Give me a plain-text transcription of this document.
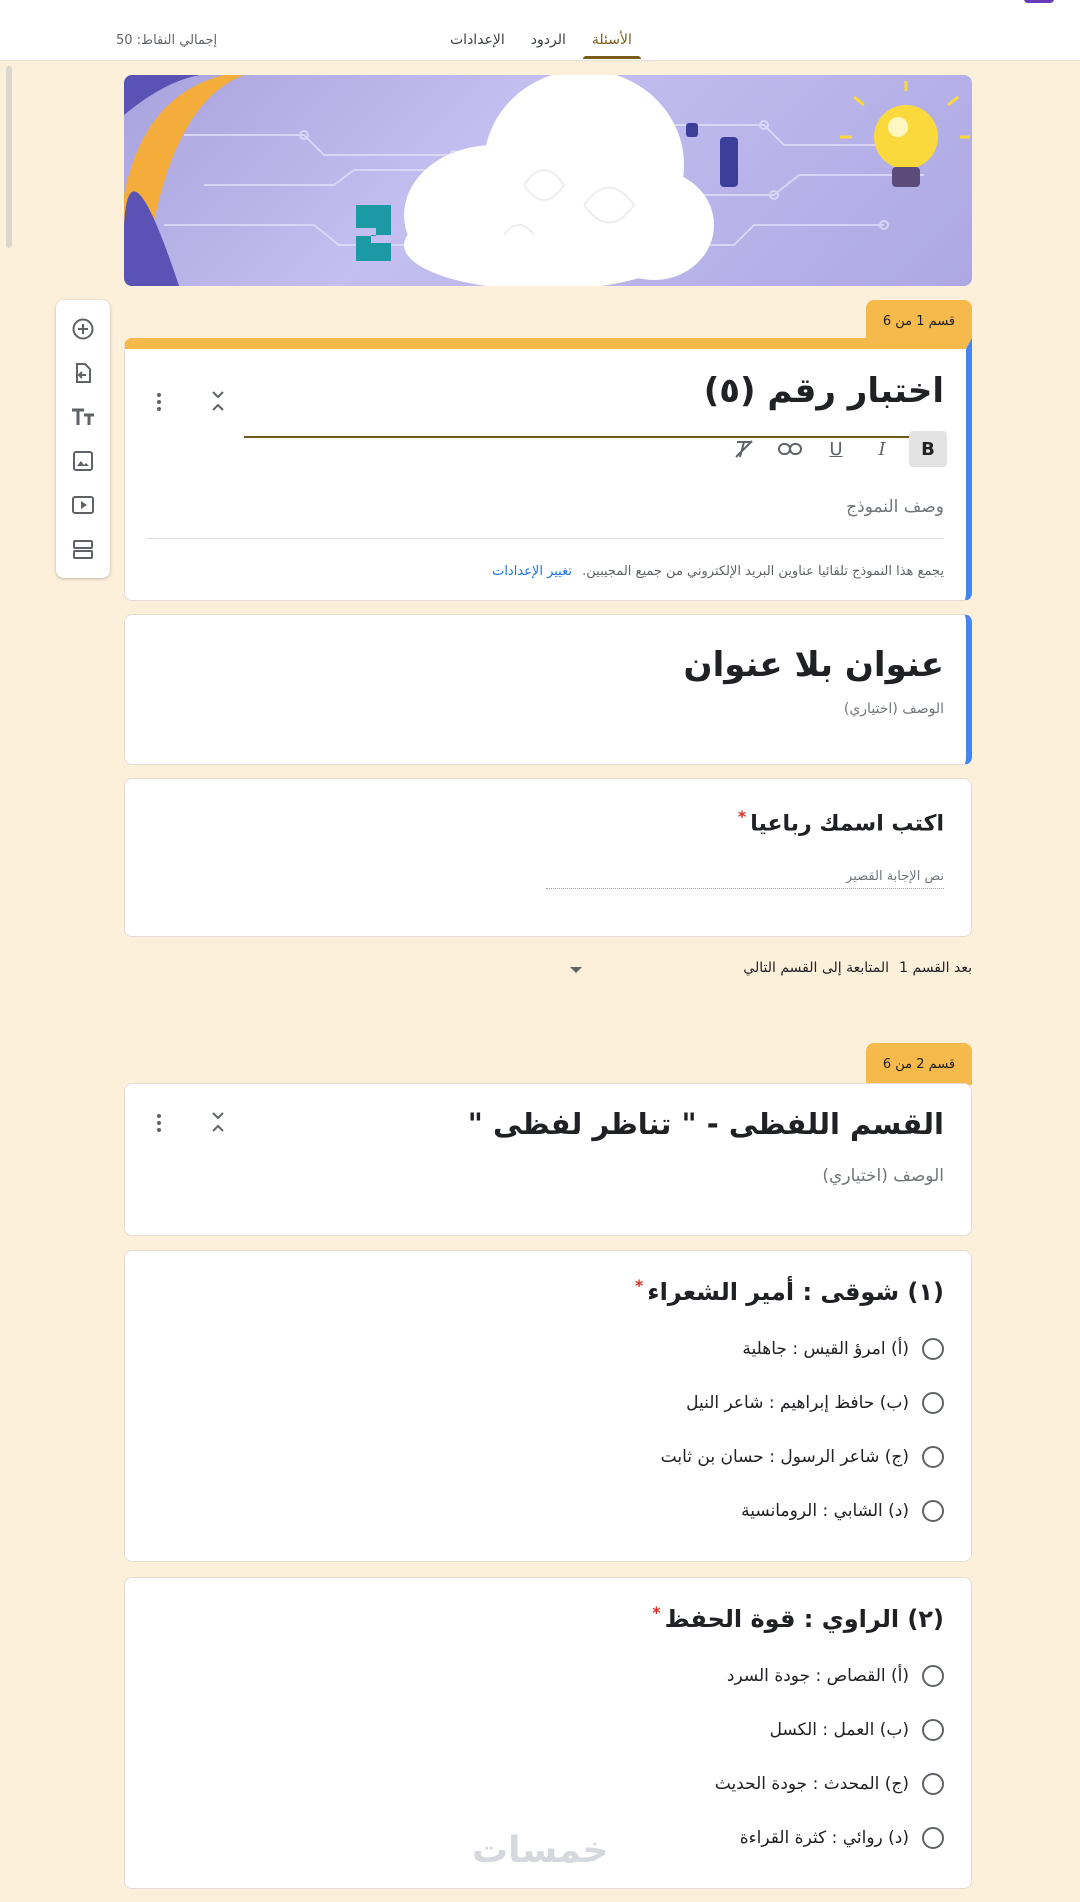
إجمالي النقاط: 50	الأسئلة
الردود
الإعدادات
قسم 1 من 6
اختبار رقم (٥)
B
I
U
وصف النموذج
يجمع هذا النموذج تلقائيا عناوين البريد الإلكتروني من جميع المجيبين. تغيير الإعدادات
عنوان بلا عنوان
الوصف (اختياري)
اكتب اسمك رباعيا*
نص الإجابة القصير
بعد القسم 1
المتابعة إلى القسم التالي
قسم 2 من 6
القسم اللفظى - " تناظر لفظى "
الوصف (اختياري)
(١) شوقى : أمير الشعراء*
(أ) امرؤ القيس : جاهلية
(ب) حافظ إبراهيم : شاعر النيل
(ج) شاعر الرسول : حسان بن ثابت
(د) الشابي : الرومانسية
(٢) الراوي : قوة الحفظ*
(أ) القصاص : جودة السرد
(ب) العمل : الكسل
(ج) المحدث : جودة الحديث
(د) روائي : كثرة القراءة
خمسات
